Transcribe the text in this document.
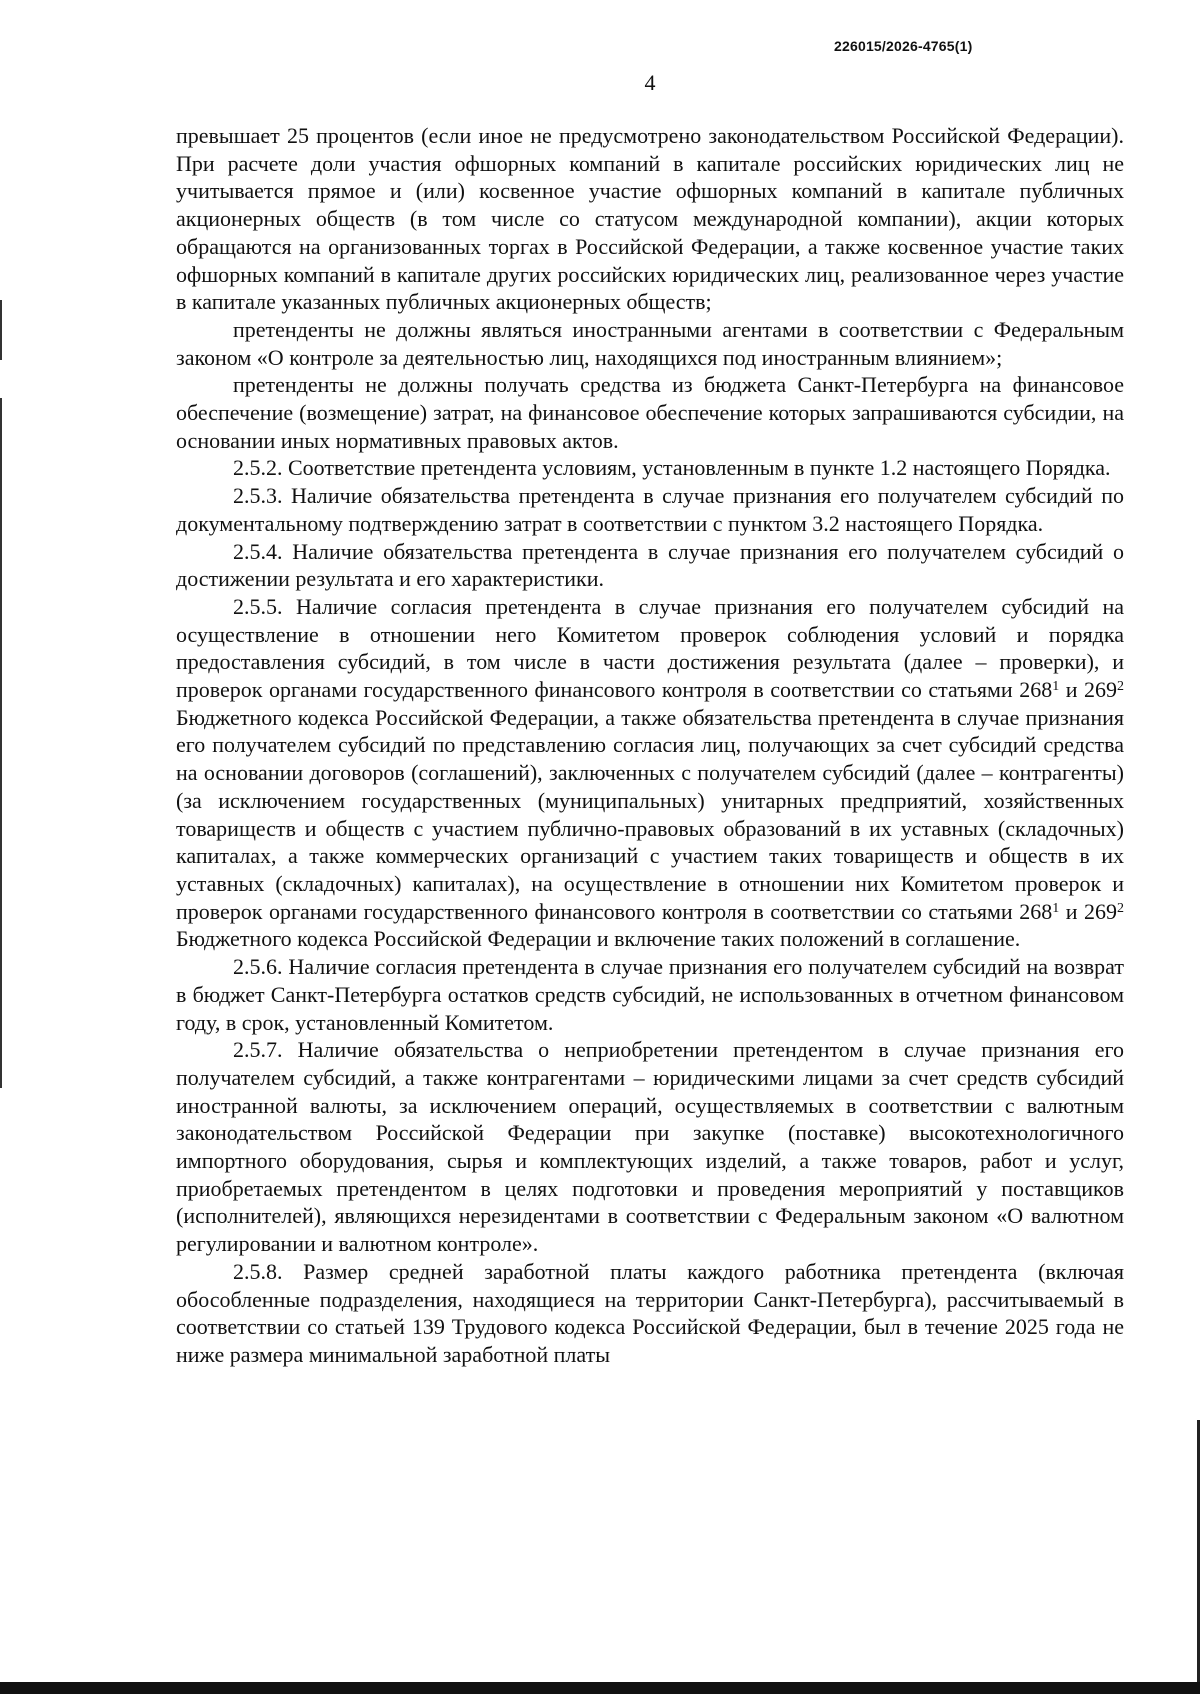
226015/2026-4765(1)
4

превышает 25 процентов (если иное не предусмотрено законодательством Российской Федерации). При расчете доли участия офшорных компаний в капитале российских юридических лиц не учитывается прямое и (или) косвенное участие офшорных компаний в капитале публичных акционерных обществ (в том числе со статусом международной компании), акции которых обращаются на организованных торгах в Российской Федерации, а также косвенное участие таких офшорных компаний в капитале других российских юридических лиц, реализованное через участие в капитале указанных публичных акционерных обществ;

претенденты не должны являться иностранными агентами в соответствии с Федеральным законом «О контроле за деятельностью лиц, находящихся под иностранным влиянием»;

претенденты не должны получать средства из бюджета Санкт-Петербурга на финансовое обеспечение (возмещение) затрат, на финансовое обеспечение которых запрашиваются субсидии, на основании иных нормативных правовых актов.

2.5.2. Соответствие претендента условиям, установленным в пункте 1.2 настоящего Порядка.

2.5.3. Наличие обязательства претендента в случае признания его получателем субсидий по документальному подтверждению затрат в соответствии с пунктом 3.2 настоящего Порядка.

2.5.4. Наличие обязательства претендента в случае признания его получателем субсидий о достижении результата и его характеристики.

2.5.5. Наличие согласия претендента в случае признания его получателем субсидий на осуществление в отношении него Комитетом проверок соблюдения условий и порядка предоставления субсидий, в том числе в части достижения результата (далее – проверки), и проверок органами государственного финансового контроля в соответствии со статьями $268^1$ и $269^2$ Бюджетного кодекса Российской Федерации, а также обязательства претендента в случае признания его получателем субсидий по представлению согласия лиц, получающих за счет субсидий средства на основании договоров (соглашений), заключенных с получателем субсидий (далее – контрагенты) (за исключением государственных (муниципальных) унитарных предприятий, хозяйственных товариществ и обществ с участием публично-правовых образований в их уставных (складочных) капиталах, а также коммерческих организаций с участием таких товариществ и обществ в их уставных (складочных) капиталах), на осуществление в отношении них Комитетом проверок и проверок органами государственного финансового контроля в соответствии со статьями $268^1$ и $269^2$ Бюджетного кодекса Российской Федерации и включение таких положений в соглашение.

2.5.6. Наличие согласия претендента в случае признания его получателем субсидий на возврат в бюджет Санкт-Петербурга остатков средств субсидий, не использованных в отчетном финансовом году, в срок, установленный Комитетом.

2.5.7. Наличие обязательства о неприобретении претендентом в случае признания его получателем субсидий, а также контрагентами – юридическими лицами за счет средств субсидий иностранной валюты, за исключением операций, осуществляемых в соответствии с валютным законодательством Российской Федерации при закупке (поставке) высокотехнологичного импортного оборудования, сырья и комплектующих изделий, а также товаров, работ и услуг, приобретаемых претендентом в целях подготовки и проведения мероприятий у поставщиков (исполнителей), являющихся нерезидентами в соответствии с Федеральным законом «О валютном регулировании и валютном контроле».

2.5.8. Размер средней заработной платы каждого работника претендента (включая обособленные подразделения, находящиеся на территории Санкт-Петербурга), рассчитываемый в соответствии со статьей 139 Трудового кодекса Российской Федерации, был в течение 2025 года не ниже размера минимальной заработной платы
